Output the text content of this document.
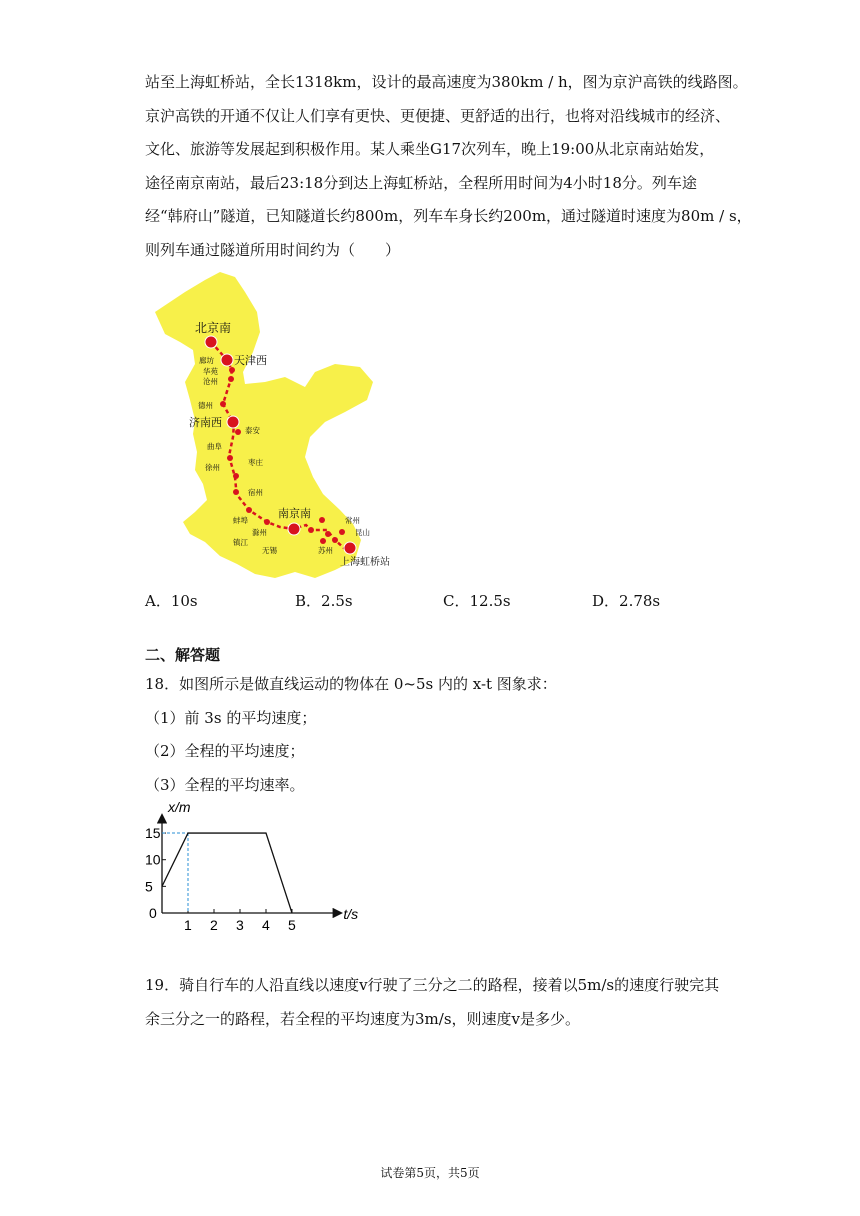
站至上海虹桥站，全长1318km，设计的最高速度为380km / h，图为京沪高铁的线路图。

京沪高铁的开通不仅让人们享有更快、更便捷、更舒适的出行，也将对沿线城市的经济、

文化、旅游等发展起到积极作用。某人乘坐G17次列车，晚上19:00从北京南站始发，

途径南京南站，最后23:18分到达上海虹桥站，全程所用时间为4小时18分。列车途

经“韩府山”隧道，已知隧道长约800m，列车车身长约200m，通过隧道时速度为80m / s，

则列车通过隧道所用时间约为（　　）

北京南
天津西
济南西
南京南
上海虹桥站
廊坊
华苑
沧州
德州
泰安
曲阜
枣庄
徐州
宿州
蚌埠
滁州
镇江
无锡
常州
昆山
苏州
A．10s	B．2.5s	C．12.5s	D．2.78s
二、解答题

18．如图所示是做直线运动的物体在 0~5s 内的 x-t 图象求：

（1）前 3s 的平均速度；

（2）全程的平均速度；

（3）全程的平均速率。

5
10
15
1 2 3 4 5
x/m
t/s
0

19．骑自行车的人沿直线以速度v行驶了三分之二的路程，接着以5m/s的速度行驶完其

余三分之一的路程，若全程的平均速度为3m/s，则速度v是多少。

试卷第5页，共5页
